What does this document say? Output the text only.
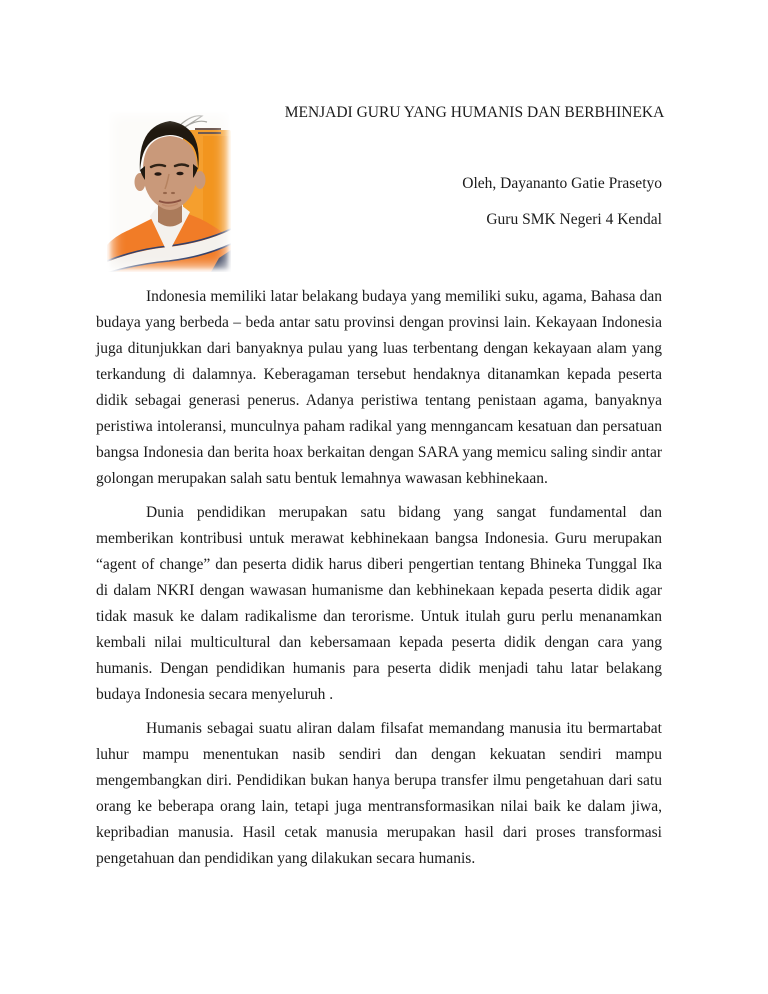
MENJADI GURU YANG HUMANIS DAN BERBHINEKA
Oleh, Dayananto Gatie Prasetyo
Guru SMK Negeri 4 Kendal

Indonesia memiliki latar belakang budaya yang memiliki suku, agama, Bahasa dan budaya yang berbeda – beda antar satu provinsi dengan provinsi lain. Kekayaan Indonesia juga ditunjukkan dari banyaknya pulau yang luas terbentang dengan kekayaan alam yang terkandung di dalamnya. Keberagaman tersebut hendaknya ditanamkan kepada peserta didik sebagai generasi penerus. Adanya peristiwa tentang penistaan agama, banyaknya peristiwa intoleransi, munculnya paham radikal yang menngancam kesatuan dan persatuan bangsa Indonesia dan berita hoax berkaitan dengan SARA yang memicu saling sindir antar golongan merupakan salah satu bentuk lemahnya wawasan kebhinekaan.

Dunia pendidikan merupakan satu bidang yang sangat fundamental dan memberikan kontribusi untuk merawat kebhinekaan bangsa Indonesia. Guru merupakan “agent of change” dan peserta didik harus diberi pengertian tentang Bhineka Tunggal Ika di dalam NKRI dengan wawasan humanisme dan kebhinekaan kepada peserta didik agar tidak masuk ke dalam radikalisme dan terorisme. Untuk itulah guru perlu menanamkan kembali nilai multicultural dan kebersamaan kepada peserta didik dengan cara yang humanis. Dengan pendidikan humanis para peserta didik menjadi tahu latar belakang budaya Indonesia secara menyeluruh .

Humanis sebagai suatu aliran dalam filsafat memandang manusia itu bermartabat luhur mampu menentukan nasib sendiri dan dengan kekuatan sendiri mampu mengembangkan diri. Pendidikan bukan hanya berupa transfer ilmu pengetahuan dari satu orang ke beberapa orang lain, tetapi juga mentransformasikan nilai baik ke dalam jiwa, kepribadian manusia. Hasil cetak manusia merupakan hasil dari proses transformasi pengetahuan dan pendidikan yang dilakukan secara humanis.
